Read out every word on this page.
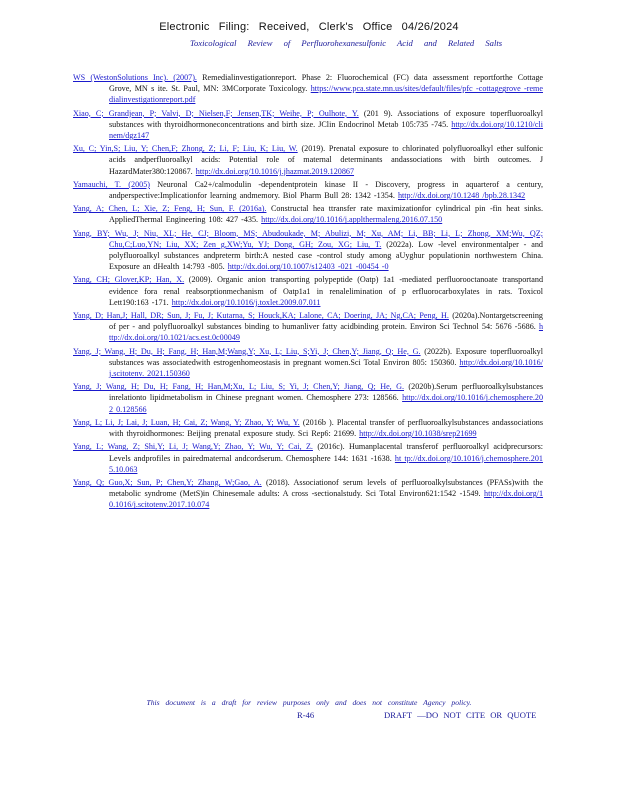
Electronic Filing: Received, Clerk's Office 04/26/2024
Toxicological Review of Perfluorohexanesulfonic Acid and Related Salts

WS (WestonSolutions Inc). (2007). Remedialinvestigationreport. Phase 2: Fluorochemical (FC) data assessment reportforthe Cottage Grove, MN s ite. St. Paul, MN: 3MCorporate Toxicology. https://www.pca.state.mn.us/sites/default/files/pfc -cottagegrove -remedialinvestigationreport.pdf

Xiao, C; Grandjean, P; Valvi, D; Nielsen,F; Jensen,TK; Weihe, P; Oulhote, Y. (201 9). Associations of exposure toperfluoroalkyl substances with thyroidhormoneconcentrations and birth size. JClin Endocrinol Metab 105:735 -745. http://dx.doi.org/10.1210/clinem/dgz147

Xu, C; Yin,S; Liu, Y; Chen,F; Zhong, Z; Li, F; Liu, K; Liu, W. (2019). Prenatal exposure to chlorinated polyfluoroalkyl ether sulfonic acids andperfluoroalkyl acids: Potential role of maternal determinants andassociations with birth outcomes. J HazardMater380:120867. http://dx.doi.org/10.1016/j.jhazmat.2019.120867

Yamauchi, T. (2005) Neuronal Ca2+/calmodulin -dependentprotein kinase II - Discovery, progress in aquarterof a century, andperspective:Implicationfor learning andmemory. Biol Pharm Bull 28: 1342 -1354. http://dx.doi.org/10.1248 /bpb.28.1342

Yang, A; Chen, L; Xie, Z; Feng, H; Sun, F. (2016a). Constructal hea ttransfer rate maximizationfor cylindrical pin -fin heat sinks. AppliedThermal Engineering 108: 427 -435. http://dx.doi.org/10.1016/j.applthermaleng.2016.07.150

Yang, BY; Wu, J; Niu, XL; He, CJ; Bloom, MS; Abudoukade, M; Abulizi, M; Xu, AM; Li, BB; Li, L; Zhong, XM;Wu, QZ; Chu,C;Luo,YN; Liu, XX; Zen g,XW;Yu, YJ; Dong, GH; Zou, XG; Liu, T. (2022a). Low -level environmentalper - and polyfluoroalkyl substances andpreterm birth:A nested case -control study among aUyghur populationin northwestern China. Exposure an dHealth 14:793 -805. http://dx.doi.org/10.1007/s12403 -021 -00454 -0

Yang, CH; Glover,KP; Han, X. (2009). Organic anion transporting polypeptide (Oatp) 1a1 -mediated perfluorooctanoate transportand evidence fora renal reabsorptionmechanism of Oatp1a1 in renalelimination of p erfluorocarboxylates in rats. Toxicol Lett190:163 -171. http://dx.doi.org/10.1016/j.toxlet.2009.07.011

Yang, D; Han,J; Hall, DR; Sun, J; Fu, J; Kutarna, S; Houck,KA; Lalone, CA; Doering, JA; Ng,CA; Peng, H. (2020a).Nontargetscreening of per - and polyfluoroalkyl substances binding to humanliver fatty acidbinding protein. Environ Sci Technol 54: 5676 -5686. http://dx.doi.org/10.1021/acs.est.0c00049

Yang, J; Wang, H; Du, H; Fang, H; Han,M;Wang,Y; Xu, L; Liu, S;Yi, J; Chen,Y; Jiang, Q; He, G. (2022b). Exposure toperfluoroalkyl substances was associatedwith estrogenhomeostasis in pregnant women.Sci Total Environ 805: 150360. http://dx.doi.org/10.1016/j.scitotenv. 2021.150360

Yang, J; Wang, H; Du, H; Fang, H; Han,M;Xu, L; Liu, S; Yi, J; Chen,Y; Jiang, Q; He, G. (2020b).Serum perfluoroalkylsubstances inrelationto lipidmetabolism in Chinese pregnant women. Chemosphere 273: 128566. http://dx.doi.org/10.1016/j.chemosphere.202 0.128566

Yang, L; Li, J; Lai, J; Luan, H; Cai, Z; Wang, Y; Zhao, Y; Wu, Y. (2016b ). Placental transfer of perfluoroalkylsubstances andassociations with thyroidhormones: Beijing prenatal exposure study. Sci Rep6: 21699. http://dx.doi.org/10.1038/srep21699

Yang, L; Wang, Z; Shi,Y; Li, J; Wang,Y; Zhao, Y; Wu, Y; Cai, Z. (2016c). Humanplacental transferof perfluoroalkyl acidprecursors: Levels andprofiles in pairedmaternal andcordserum. Chemosphere 144: 1631 -1638. ht tp://dx.doi.org/10.1016/j.chemosphere.2015.10.063

Yang, Q; Guo,X; Sun, P; Chen,Y; Zhang, W;Gao, A. (2018). Associationof serum levels of perfluoroalkylsubstances (PFASs)with the metabolic syndrome (MetS)in Chinesemale adults: A cross -sectionalstudy. Sci Total Environ621:1542 -1549. http://dx.doi.org/10.1016/j.scitotenv.2017.10.074

This document is a draft for review purposes only and does not constitute Agency policy.
R-46	DRAFT —DO NOT CITE OR QUOTE
